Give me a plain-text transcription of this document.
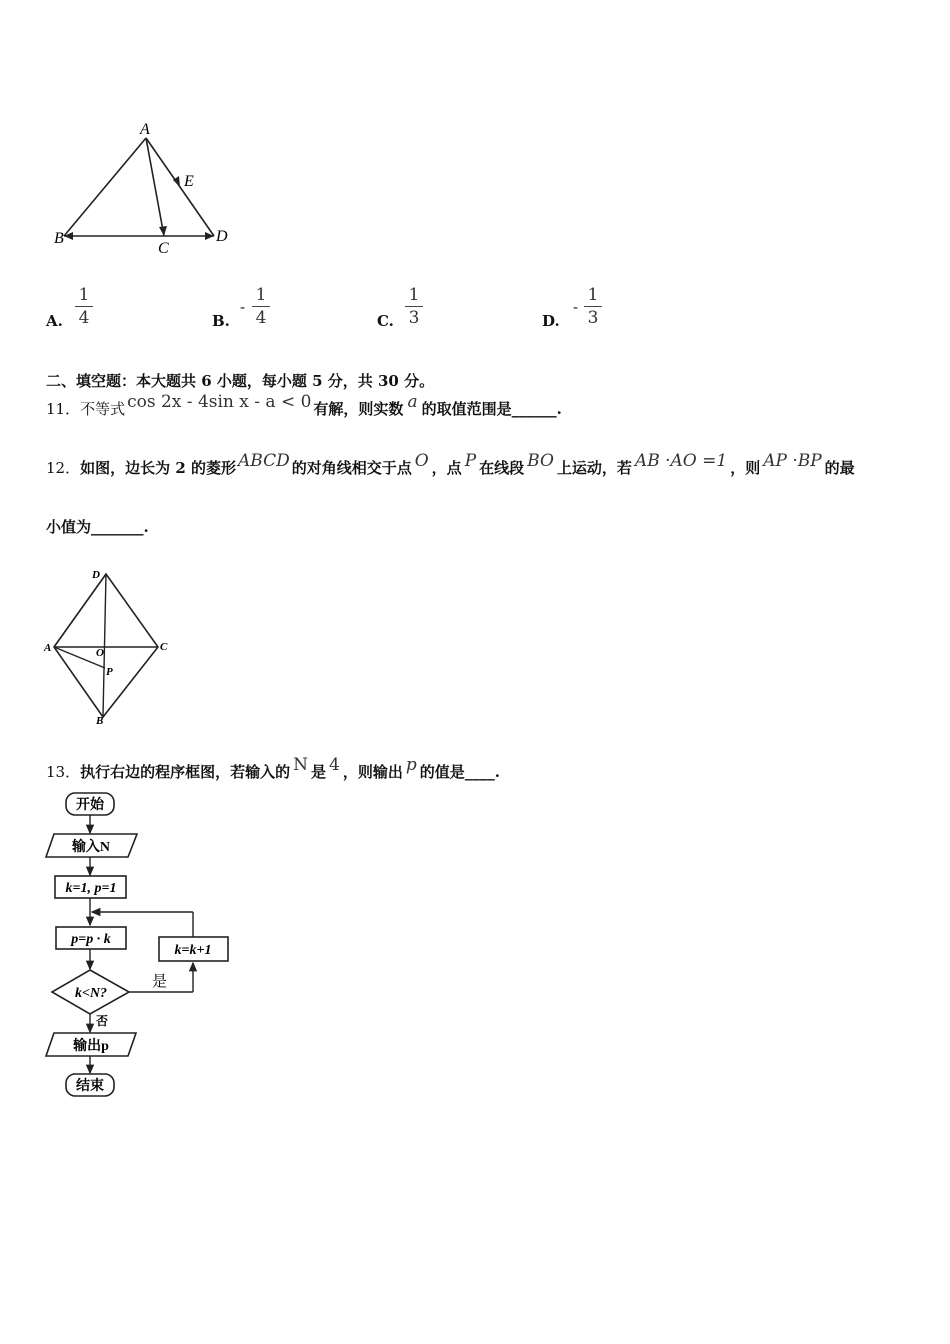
A
B
C
D
E
A.
1
4	B.
-
1
4	C.
1
3	D.
-
1
3
二、填空题：本大题共 6 小题，每小题 5 分，共 30 分。
11．不等式 cos 2x - 4sin x - a < 0 有解，则实数 a 的取值范围是______.
12．如图，边长为 2 的菱形 ABCD 的对角线相交于点 O ，点 P 在线段 BO 上运动，若 AB ·AO =1 ，则 AP ·BP 的最
小值为_______.
D
A	C
O
P
B
13．执行右边的程序框图，若输入的 N 是 4 ，则输出 p 的值是____.
开始
输入N
k=1, p=1
p=p · k
k=k+1
k<N?
是
否
输出p
结束
